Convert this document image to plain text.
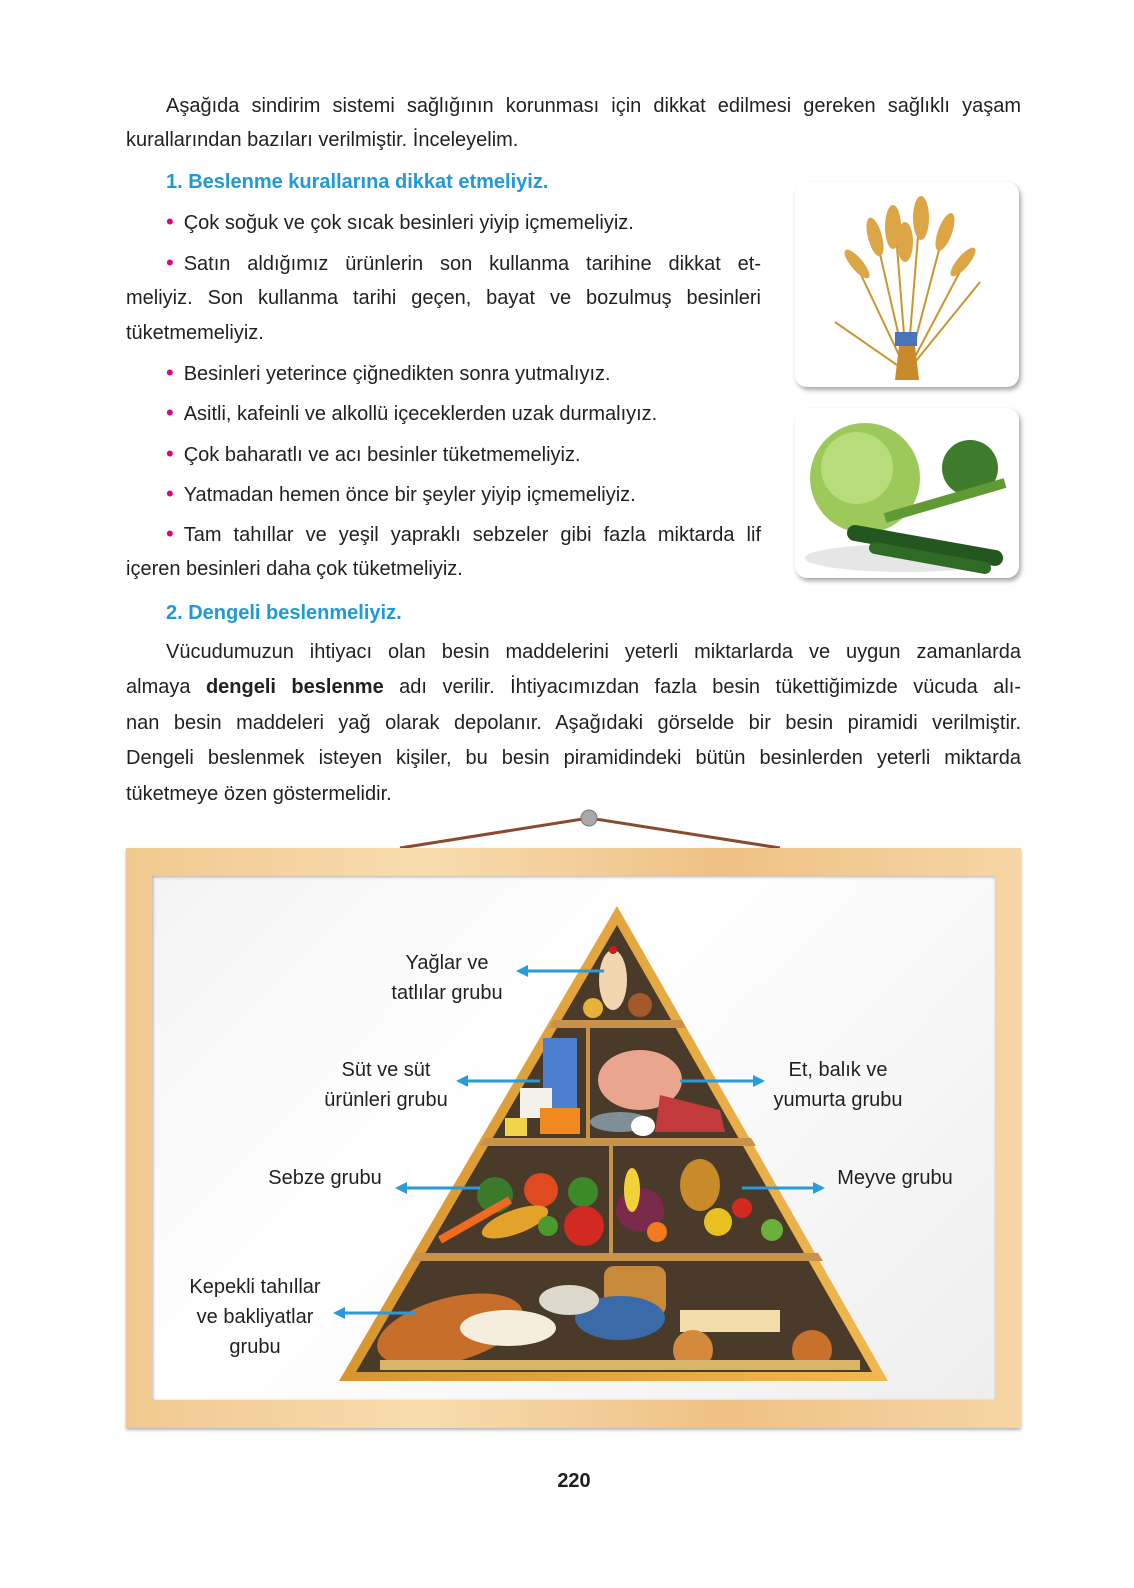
Aşağıda sindirim sistemi sağlığının korunması için dikkat edilmesi gereken sağlıklı yaşam
kurallarından bazıları verilmiştir. İnceleyelim.
1. Beslenme kurallarına dikkat etmeliyiz.
• Çok soğuk ve çok sıcak besinleri yiyip içmemeliyiz.
• Satın aldığımız ürünlerin son kullanma tarihine dikkat et-
meliyiz. Son kullanma tarihi geçen, bayat ve bozulmuş besinleri
tüketmemeliyiz.
• Besinleri yeterince çiğnedikten sonra yutmalıyız.
• Asitli, kafeinli ve alkollü içeceklerden uzak durmalıyız.
• Çok baharatlı ve acı besinler tüketmemeliyiz.
• Yatmadan hemen önce bir şeyler yiyip içmemeliyiz.
• Tam tahıllar ve yeşil yapraklı sebzeler gibi fazla miktarda lif
içeren besinleri daha çok tüketmeliyiz.
2. Dengeli beslenmeliyiz.
Vücudumuzun ihtiyacı olan besin maddelerini yeterli miktarlarda ve uygun zamanlarda
almaya dengeli beslenme adı verilir. İhtiyacımızdan fazla besin tükettiğimizde vücuda alı-
nan besin maddeleri yağ olarak depolanır. Aşağıdaki görselde bir besin piramidi verilmiştir.
Dengeli beslenmek isteyen kişiler, bu besin piramidindeki bütün besinlerden yeterli miktarda
tüketmeye özen göstermelidir.
Yağlar ve
tatlılar grubu
Süt ve süt
ürünleri grubu
Et, balık ve
yumurta grubu
Sebze grubu	Meyve grubu
Kepekli tahıllar
ve bakliyatlar
grubu
220
